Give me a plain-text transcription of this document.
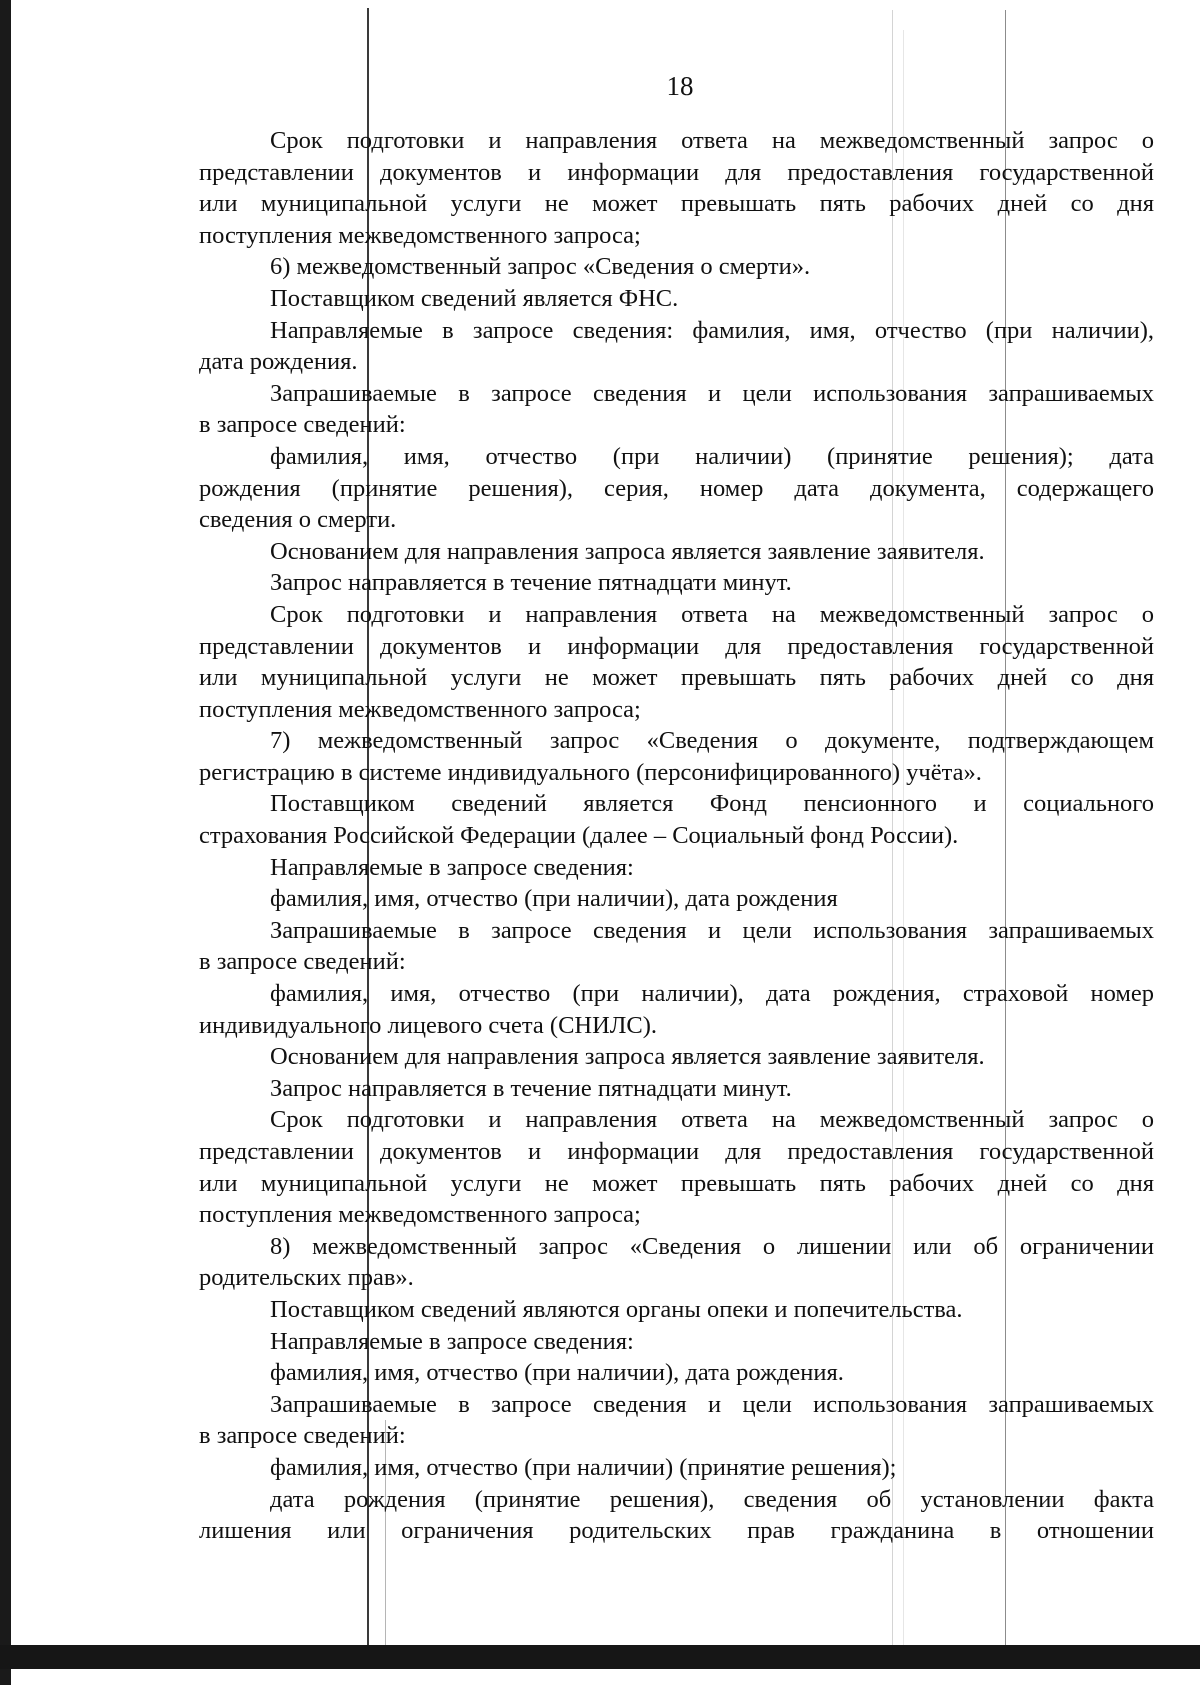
18

Срок подготовки и направления ответа на межведомственный запрос о

представлении документов и информации для предоставления государственной

или муниципальной услуги не может превышать пять рабочих дней со дня

поступления межведомственного запроса;

6) межведомственный запрос «Сведения о смерти».

Поставщиком сведений является ФНС.

Направляемые в запросе сведения: фамилия, имя, отчество (при наличии),

дата рождения.

Запрашиваемые в запросе сведения и цели использования запрашиваемых

в запросе сведений:

фамилия, имя, отчество (при наличии) (принятие решения); дата

рождения (принятие решения), серия, номер дата документа, содержащего

сведения о смерти.

Основанием для направления запроса является заявление заявителя.

Запрос направляется в течение пятнадцати минут.

Срок подготовки и направления ответа на межведомственный запрос о

представлении документов и информации для предоставления государственной

или муниципальной услуги не может превышать пять рабочих дней со дня

поступления межведомственного запроса;

7) межведомственный запрос «Сведения о документе, подтверждающем

регистрацию в системе индивидуального (персонифицированного) учёта».

Поставщиком сведений является Фонд пенсионного и социального

страхования Российской Федерации (далее – Социальный фонд России).

Направляемые в запросе сведения:

фамилия, имя, отчество (при наличии), дата рождения

Запрашиваемые в запросе сведения и цели использования запрашиваемых

в запросе сведений:

фамилия, имя, отчество (при наличии), дата рождения, страховой номер

индивидуального лицевого счета (СНИЛС).

Основанием для направления запроса является заявление заявителя.

Запрос направляется в течение пятнадцати минут.

Срок подготовки и направления ответа на межведомственный запрос о

представлении документов и информации для предоставления государственной

или муниципальной услуги не может превышать пять рабочих дней со дня

поступления межведомственного запроса;

8) межведомственный запрос «Сведения о лишении или об ограничении

родительских прав».

Поставщиком сведений являются органы опеки и попечительства.

Направляемые в запросе сведения:

фамилия, имя, отчество (при наличии), дата рождения.

Запрашиваемые в запросе сведения и цели использования запрашиваемых

в запросе сведений:

фамилия, имя, отчество (при наличии) (принятие решения);

дата рождения (принятие решения), сведения об установлении факта

лишения или ограничения родительских прав гражданина в отношении
